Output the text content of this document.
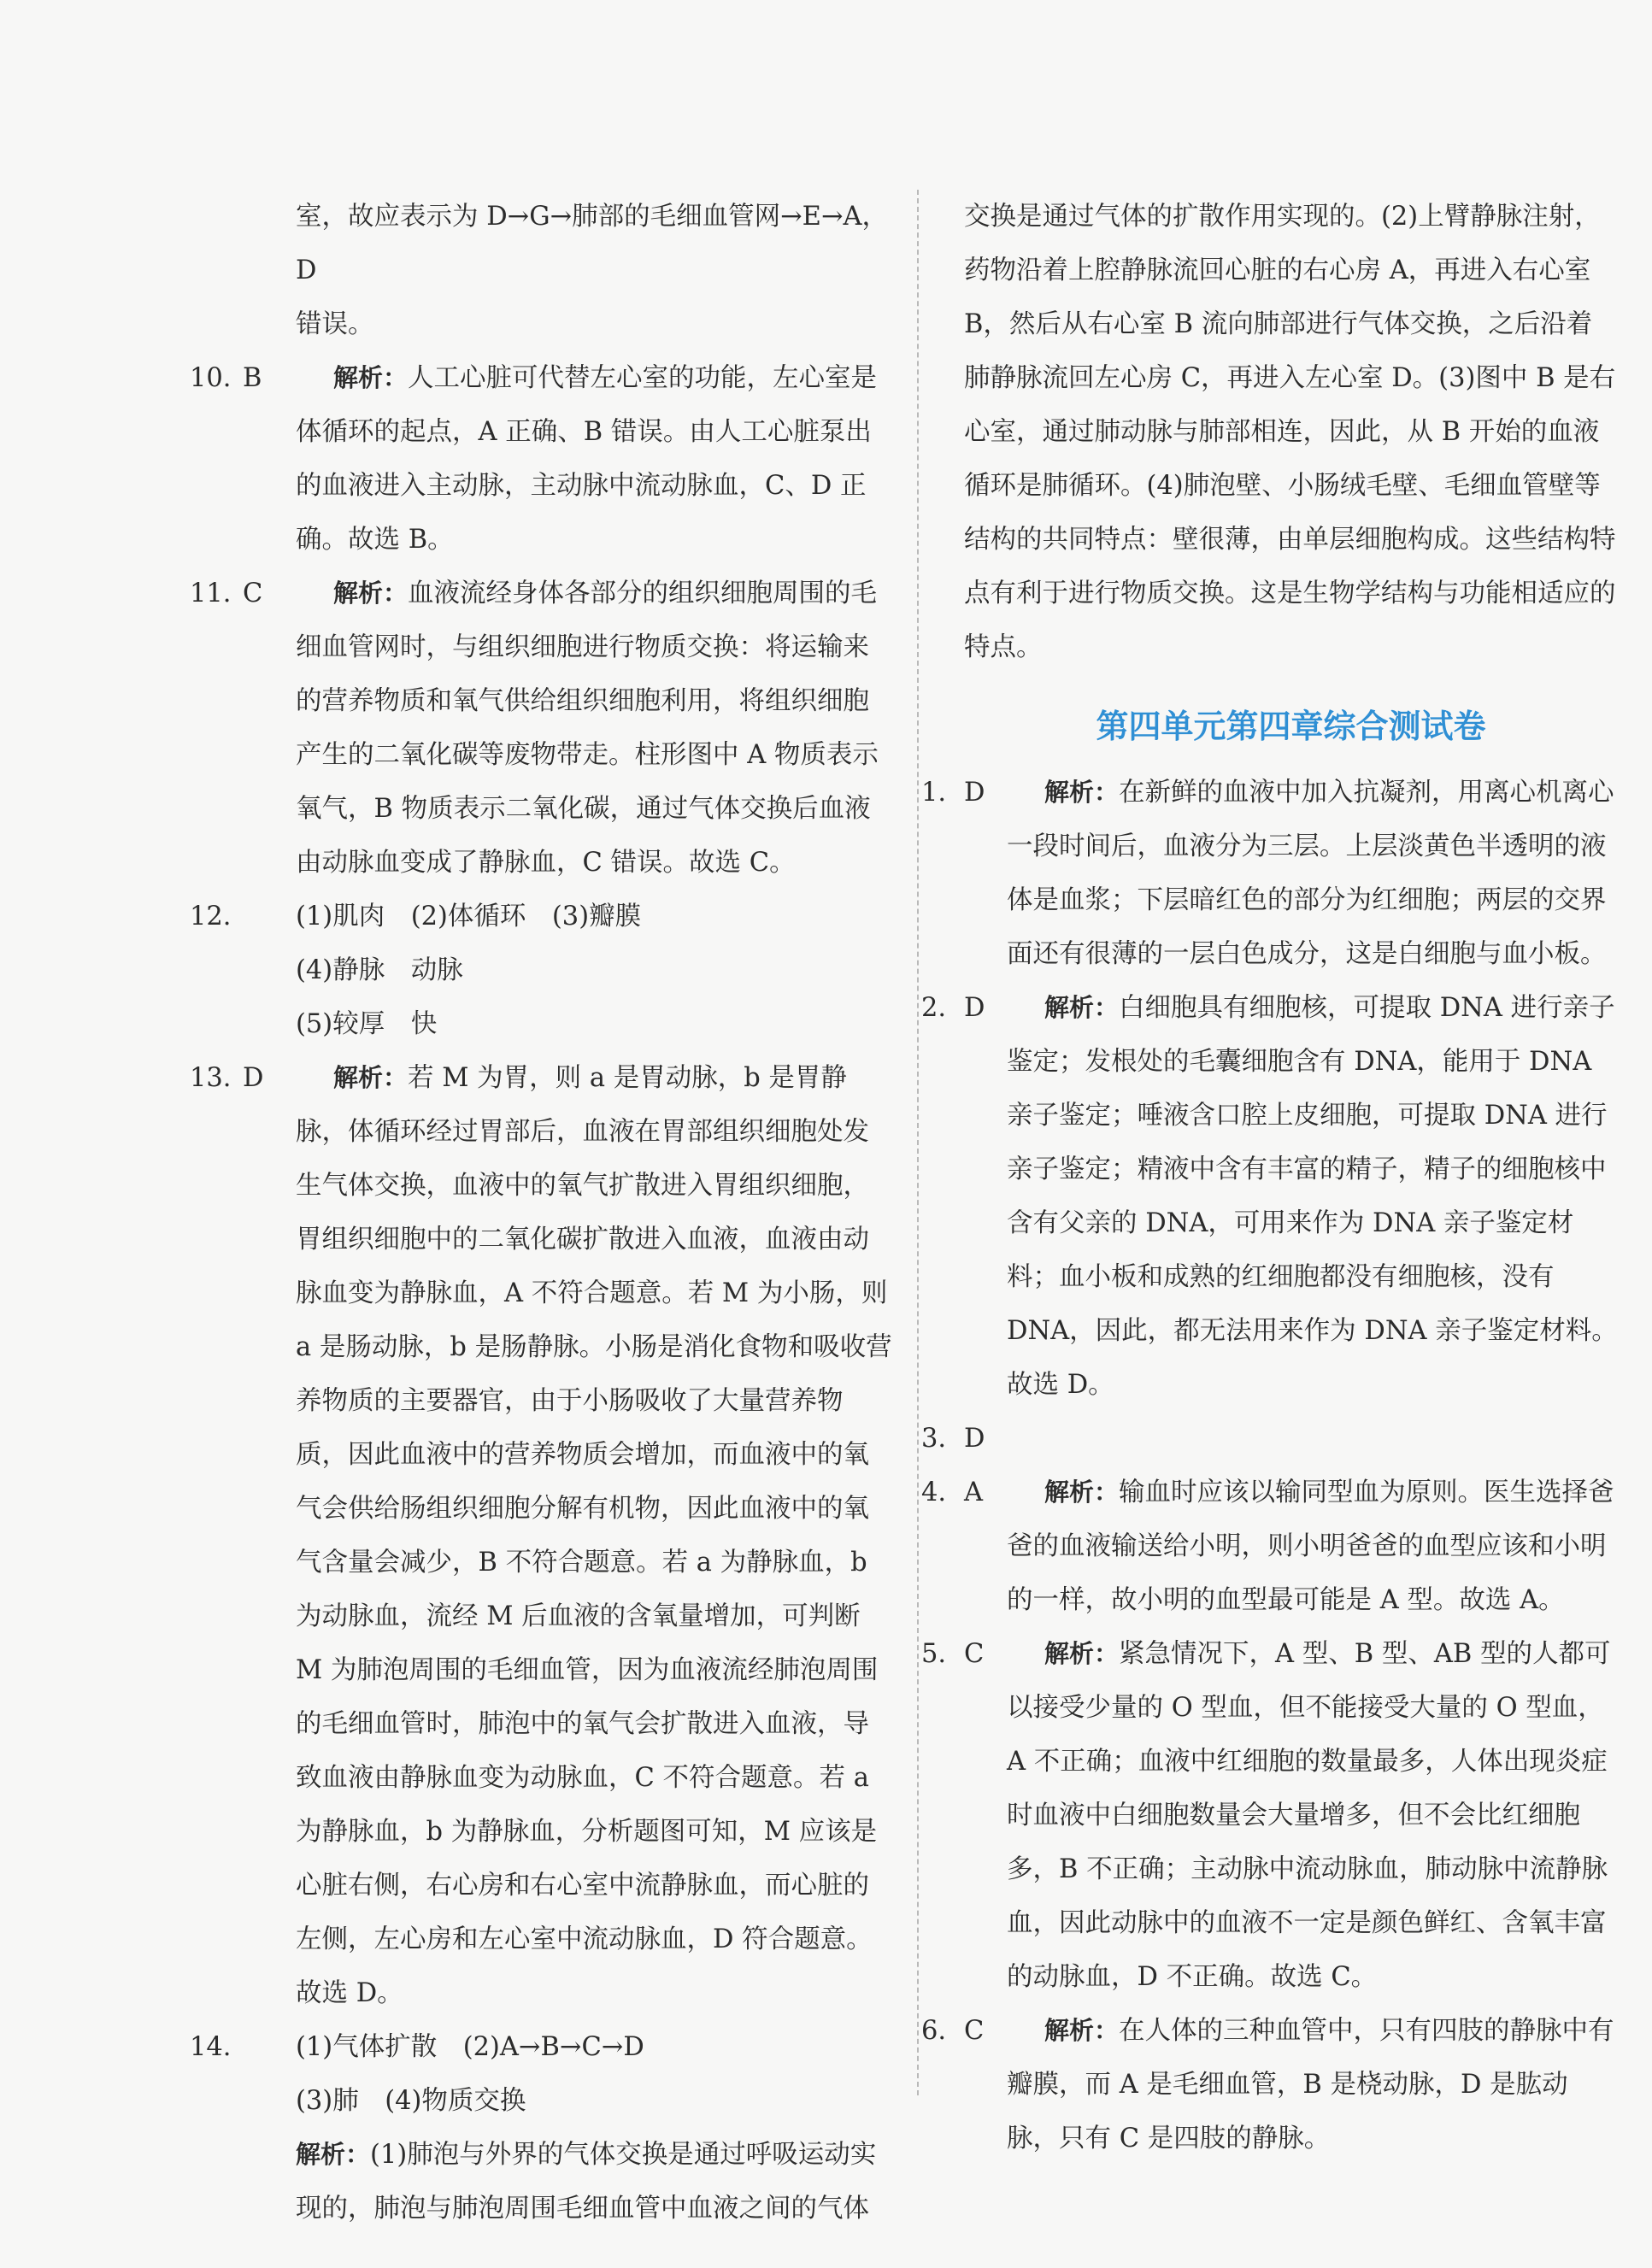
室，故应表示为 D→G→肺部的毛细血管网→E→A，D
错误。
10. B	解析：人工心脏可代替左心室的功能，左心室是体循环的起点，A 正确、B 错误。由人工心脏泵出的血液进入主动脉，主动脉中流动脉血，C、D 正确。故选 B。
11. C	解析：血液流经身体各部分的组织细胞周围的毛细血管网时，与组织细胞进行物质交换：将运输来的营养物质和氧气供给组织细胞利用，将组织细胞产生的二氧化碳等废物带走。柱形图中 A 物质表示氧气，B 物质表示二氧化碳，通过气体交换后血液由动脉血变成了静脉血，C 错误。故选 C。
12. (1)肌肉　(2)体循环　(3)瓣膜
(4)静脉　动脉
(5)较厚　快
13. D	解析：若 M 为胃，则 a 是胃动脉，b 是胃静脉，体循环经过胃部后，血液在胃部组织细胞处发生气体交换，血液中的氧气扩散进入胃组织细胞，胃组织细胞中的二氧化碳扩散进入血液，血液由动脉血变为静脉血，A 不符合题意。若 M 为小肠，则 a 是肠动脉，b 是肠静脉。小肠是消化食物和吸收营养物质的主要器官，由于小肠吸收了大量营养物质，因此血液中的营养物质会增加，而血液中的氧气会供给肠组织细胞分解有机物，因此血液中的氧气含量会减少，B 不符合题意。若 a 为静脉血，b 为动脉血，流经 M 后血液的含氧量增加，可判断 M 为肺泡周围的毛细血管，因为血液流经肺泡周围的毛细血管时，肺泡中的氧气会扩散进入血液，导致血液由静脉血变为动脉血，C 不符合题意。若 a 为静脉血，b 为静脉血，分析题图可知，M 应该是心脏右侧，右心房和右心室中流静脉血，而心脏的左侧，左心房和左心室中流动脉血，D 符合题意。故选 D。
14. (1)气体扩散　(2)A→B→C→D
(3)肺　(4)物质交换
解析：(1)肺泡与外界的气体交换是通过呼吸运动实现的，肺泡与肺泡周围毛细血管中血液之间的气体
交换是通过气体的扩散作用实现的。(2)上臂静脉注射，药物沿着上腔静脉流回心脏的右心房 A，再进入右心室 B，然后从右心室 B 流向肺部进行气体交换，之后沿着肺静脉流回左心房 C，再进入左心室 D。(3)图中 B 是右心室，通过肺动脉与肺部相连，因此，从 B 开始的血液循环是肺循环。(4)肺泡壁、小肠绒毛壁、毛细血管壁等结构的共同特点：壁很薄，由单层细胞构成。这些结构特点有利于进行物质交换。这是生物学结构与功能相适应的特点。
第四单元第四章综合测试卷
1. D 解析：在新鲜的血液中加入抗凝剂，用离心机离心一段时间后，血液分为三层。上层淡黄色半透明的液体是血浆；下层暗红色的部分为红细胞；两层的交界面还有很薄的一层白色成分，这是白细胞与血小板。
2. D 解析：白细胞具有细胞核，可提取 DNA 进行亲子鉴定；发根处的毛囊细胞含有 DNA，能用于 DNA 亲子鉴定；唾液含口腔上皮细胞，可提取 DNA 进行亲子鉴定；精液中含有丰富的精子，精子的细胞核中含有父亲的 DNA，可用来作为 DNA 亲子鉴定材料；血小板和成熟的红细胞都没有细胞核，没有 DNA，因此，都无法用来作为 DNA 亲子鉴定材料。故选 D。
3. D
4. A 解析：输血时应该以输同型血为原则。医生选择爸爸的血液输送给小明，则小明爸爸的血型应该和小明的一样，故小明的血型最可能是 A 型。故选 A。
5. C 解析：紧急情况下，A 型、B 型、AB 型的人都可以接受少量的 O 型血，但不能接受大量的 O 型血，A 不正确；血液中红细胞的数量最多，人体出现炎症时血液中白细胞数量会大量增多，但不会比红细胞多，B 不正确；主动脉中流动脉血，肺动脉中流静脉血，因此动脉中的血液不一定是颜色鲜红、含氧丰富的动脉血，D 不正确。故选 C。
6. C 解析：在人体的三种血管中，只有四肢的静脉中有瓣膜，而 A 是毛细血管，B 是桡动脉，D 是肱动脉，只有 C 是四肢的静脉。
